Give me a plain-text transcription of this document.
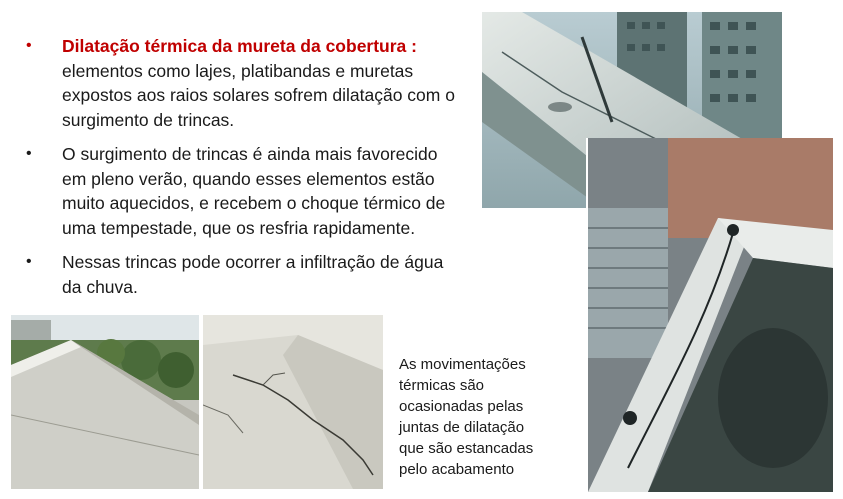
• Dilatação térmica da mureta da cobertura :
elementos como lajes, platibandas e muretas
expostos aos raios solares sofrem dilatação com o
surgimento de trincas.
• O surgimento de trincas é ainda mais favorecido
em pleno verão, quando esses elementos estão
muito aquecidos, e recebem o choque térmico de
uma tempestade, que os resfria rapidamente.
• Nessas trincas pode ocorrer a infiltração de água
da chuva.
As movimentações
térmicas são
ocasionadas pelas
juntas de dilatação
que são estancadas
pelo acabamento
